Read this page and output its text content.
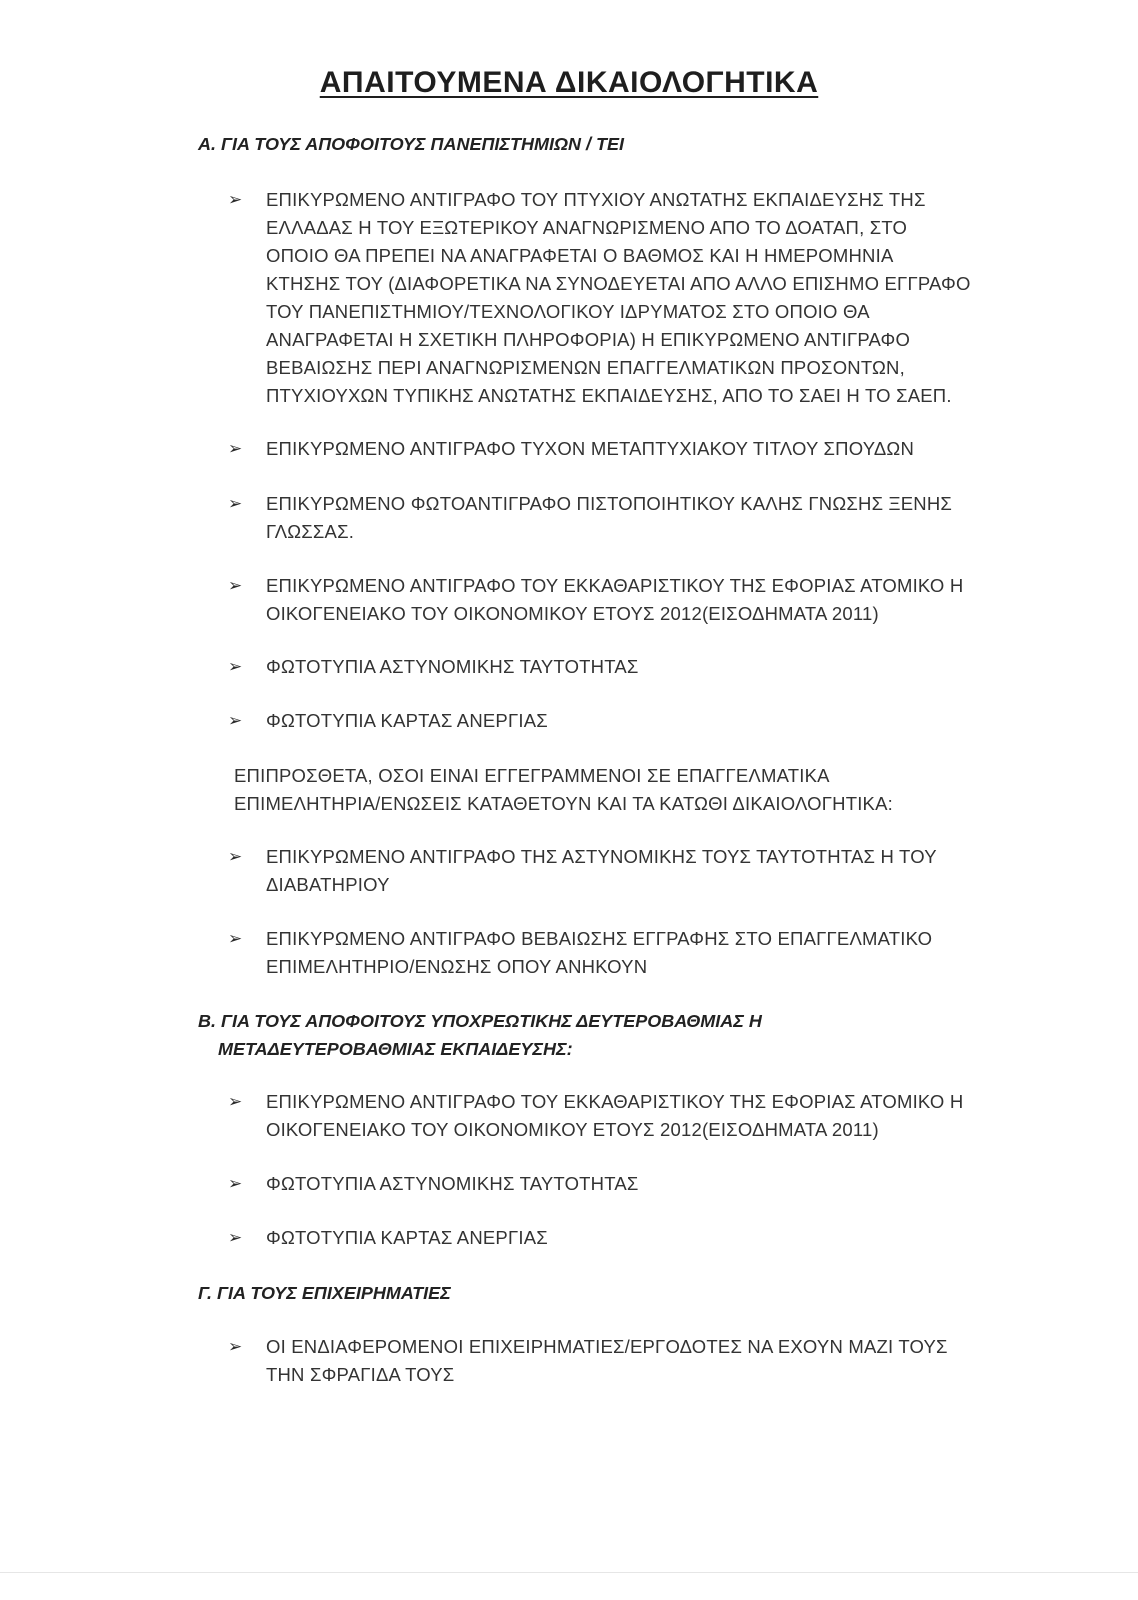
ΑΠΑΙΤΟΥΜΕΝΑ ΔΙΚΑΙΟΛΟΓΗΤΙΚΑ
Α. ΓΙΑ ΤΟΥΣ ΑΠΟΦΟΙΤΟΥΣ ΠΑΝΕΠΙΣΤΗΜΙΩΝ / ΤΕΙ
➢	ΕΠΙΚΥΡΩΜΕΝΟ ΑΝΤΙΓΡΑΦΟ ΤΟΥ ΠΤΥΧΙΟΥ ΑΝΩΤΑΤΗΣ ΕΚΠΑΙΔΕΥΣΗΣ ΤΗΣ
ΕΛΛΑΔΑΣ Η ΤΟΥ ΕΞΩΤΕΡΙΚΟΥ ΑΝΑΓΝΩΡΙΣΜΕΝΟ ΑΠΟ ΤΟ ΔΟΑΤΑΠ, ΣΤΟ
ΟΠΟΙΟ ΘΑ ΠΡΕΠΕΙ ΝΑ ΑΝΑΓΡΑΦΕΤΑΙ Ο ΒΑΘΜΟΣ ΚΑΙ Η ΗΜΕΡΟΜΗΝΙΑ
ΚΤΗΣΗΣ ΤΟΥ (ΔΙΑΦΟΡΕΤΙΚΑ ΝΑ ΣΥΝΟΔΕΥΕΤΑΙ ΑΠΟ ΑΛΛΟ ΕΠΙΣΗΜΟ ΕΓΓΡΑΦΟ
ΤΟΥ ΠΑΝΕΠΙΣΤΗΜΙΟΥ/ΤΕΧΝΟΛΟΓΙΚΟΥ ΙΔΡΥΜΑΤΟΣ ΣΤΟ ΟΠΟΙΟ ΘΑ
ΑΝΑΓΡΑΦΕΤΑΙ Η ΣΧΕΤΙΚΗ ΠΛΗΡΟΦΟΡΙΑ) Η ΕΠΙΚΥΡΩΜΕΝΟ ΑΝΤΙΓΡΑΦΟ
ΒΕΒΑΙΩΣΗΣ ΠΕΡΙ ΑΝΑΓΝΩΡΙΣΜΕΝΩΝ ΕΠΑΓΓΕΛΜΑΤΙΚΩΝ ΠΡΟΣΟΝΤΩΝ,
ΠΤΥΧΙΟΥΧΩΝ ΤΥΠΙΚΗΣ ΑΝΩΤΑΤΗΣ ΕΚΠΑΙΔΕΥΣΗΣ, ΑΠΟ ΤΟ ΣΑΕΙ Η ΤΟ ΣΑΕΠ.
➢	ΕΠΙΚΥΡΩΜΕΝΟ ΑΝΤΙΓΡΑΦΟ ΤΥΧΟΝ ΜΕΤΑΠΤΥΧΙΑΚΟΥ ΤΙΤΛΟΥ ΣΠΟΥΔΩΝ
➢	ΕΠΙΚΥΡΩΜΕΝΟ ΦΩΤΟΑΝΤΙΓΡΑΦΟ ΠΙΣΤΟΠΟΙΗΤΙΚΟΥ ΚΑΛΗΣ ΓΝΩΣΗΣ ΞΕΝΗΣ
ΓΛΩΣΣΑΣ.
➢	ΕΠΙΚΥΡΩΜΕΝΟ ΑΝΤΙΓΡΑΦΟ ΤΟΥ ΕΚΚΑΘΑΡΙΣΤΙΚΟΥ ΤΗΣ ΕΦΟΡΙΑΣ ΑΤΟΜΙΚΟ Η
ΟΙΚΟΓΕΝΕΙΑΚΟ ΤΟΥ ΟΙΚΟΝΟΜΙΚΟΥ ΕΤΟΥΣ 2012(ΕΙΣΟΔΗΜΑΤΑ 2011)
➢	ΦΩΤΟΤΥΠΙΑ ΑΣΤΥΝΟΜΙΚΗΣ ΤΑΥΤΟΤΗΤΑΣ
➢	ΦΩΤΟΤΥΠΙΑ ΚΑΡΤΑΣ ΑΝΕΡΓΙΑΣ
ΕΠΙΠΡΟΣΘΕΤΑ, ΟΣΟΙ ΕΙΝΑΙ ΕΓΓΕΓΡΑΜΜΕΝΟΙ ΣΕ ΕΠΑΓΓΕΛΜΑΤΙΚΑ
ΕΠΙΜΕΛΗΤΗΡΙΑ/ΕΝΩΣΕΙΣ ΚΑΤΑΘΕΤΟΥΝ ΚΑΙ ΤΑ ΚΑΤΩΘΙ ΔΙΚΑΙΟΛΟΓΗΤΙΚΑ:
➢	ΕΠΙΚΥΡΩΜΕΝΟ ΑΝΤΙΓΡΑΦΟ ΤΗΣ ΑΣΤΥΝΟΜΙΚΗΣ ΤΟΥΣ ΤΑΥΤΟΤΗΤΑΣ Η ΤΟΥ
ΔΙΑΒΑΤΗΡΙΟΥ
➢	ΕΠΙΚΥΡΩΜΕΝΟ ΑΝΤΙΓΡΑΦΟ ΒΕΒΑΙΩΣΗΣ ΕΓΓΡΑΦΗΣ ΣΤΟ ΕΠΑΓΓΕΛΜΑΤΙΚΟ
ΕΠΙΜΕΛΗΤΗΡΙΟ/ΕΝΩΣΗΣ ΟΠΟΥ ΑΝΗΚΟΥΝ
Β. ΓΙΑ ΤΟΥΣ ΑΠΟΦΟΙΤΟΥΣ ΥΠΟΧΡΕΩΤΙΚΗΣ ΔΕΥΤΕΡΟΒΑΘΜΙΑΣ Η
ΜΕΤΑΔΕΥΤΕΡΟΒΑΘΜΙΑΣ ΕΚΠΑΙΔΕΥΣΗΣ:
➢	ΕΠΙΚΥΡΩΜΕΝΟ ΑΝΤΙΓΡΑΦΟ ΤΟΥ ΕΚΚΑΘΑΡΙΣΤΙΚΟΥ ΤΗΣ ΕΦΟΡΙΑΣ ΑΤΟΜΙΚΟ Η
ΟΙΚΟΓΕΝΕΙΑΚΟ ΤΟΥ ΟΙΚΟΝΟΜΙΚΟΥ ΕΤΟΥΣ 2012(ΕΙΣΟΔΗΜΑΤΑ 2011)
➢	ΦΩΤΟΤΥΠΙΑ ΑΣΤΥΝΟΜΙΚΗΣ ΤΑΥΤΟΤΗΤΑΣ
➢	ΦΩΤΟΤΥΠΙΑ ΚΑΡΤΑΣ ΑΝΕΡΓΙΑΣ
Γ. ΓΙΑ ΤΟΥΣ ΕΠΙΧΕΙΡΗΜΑΤΙΕΣ
➢	ΟΙ ΕΝΔΙΑΦΕΡΟΜΕΝΟΙ ΕΠΙΧΕΙΡΗΜΑΤΙΕΣ/ΕΡΓΟΔΟΤΕΣ ΝΑ ΕΧΟΥΝ ΜΑΖΙ ΤΟΥΣ
ΤΗΝ ΣΦΡΑΓΙΔΑ ΤΟΥΣ
